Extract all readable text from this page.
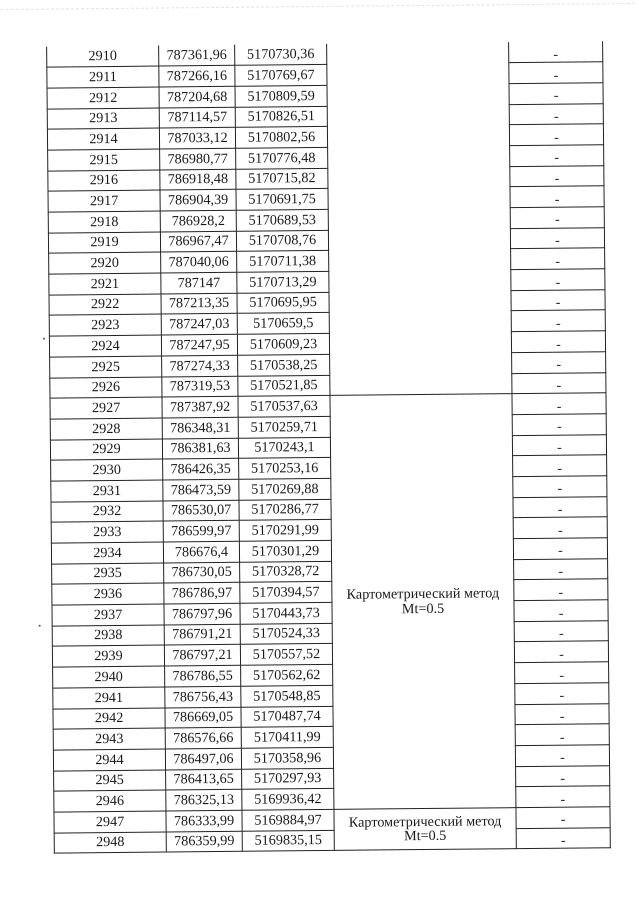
2910	787361,96	5170730,36		-
2911	787266,16	5170769,67		-
2912	787204,68	5170809,59		-
2913	787114,57	5170826,51		-
2914	787033,12	5170802,56		-
2915	786980,77	5170776,48		-
2916	786918,48	5170715,82		-
2917	786904,39	5170691,75		-
2918	786928,2	5170689,53		-
2919	786967,47	5170708,76		-
2920	787040,06	5170711,38		-
2921	787147	5170713,29		-
2922	787213,35	5170695,95		-
2923	787247,03	5170659,5		-
2924	787247,95	5170609,23		-
2925	787274,33	5170538,25		-
2926	787319,53	5170521,85		-
2927	787387,92	5170537,63	Картометрический метод
Mt=0.5	-
2928	786348,31	5170259,71		-
2929	786381,63	5170243,1		-
2930	786426,35	5170253,16		-
2931	786473,59	5170269,88		-
2932	786530,07	5170286,77		-
2933	786599,97	5170291,99		-
2934	786676,4	5170301,29		-
2935	786730,05	5170328,72		-
2936	786786,97	5170394,57		-
2937	786797,96	5170443,73		-
2938	786791,21	5170524,33		-
2939	786797,21	5170557,52		-
2940	786786,55	5170562,62		-
2941	786756,43	5170548,85		-
2942	786669,05	5170487,74		-
2943	786576,66	5170411,99		-
2944	786497,06	5170358,96		-
2945	786413,65	5170297,93		-
2946	786325,13	5169936,42		-
2947	786333,99	5169884,97	Картометрический метод
Mt=0.5	-
2948	786359,99	5169835,15		-
